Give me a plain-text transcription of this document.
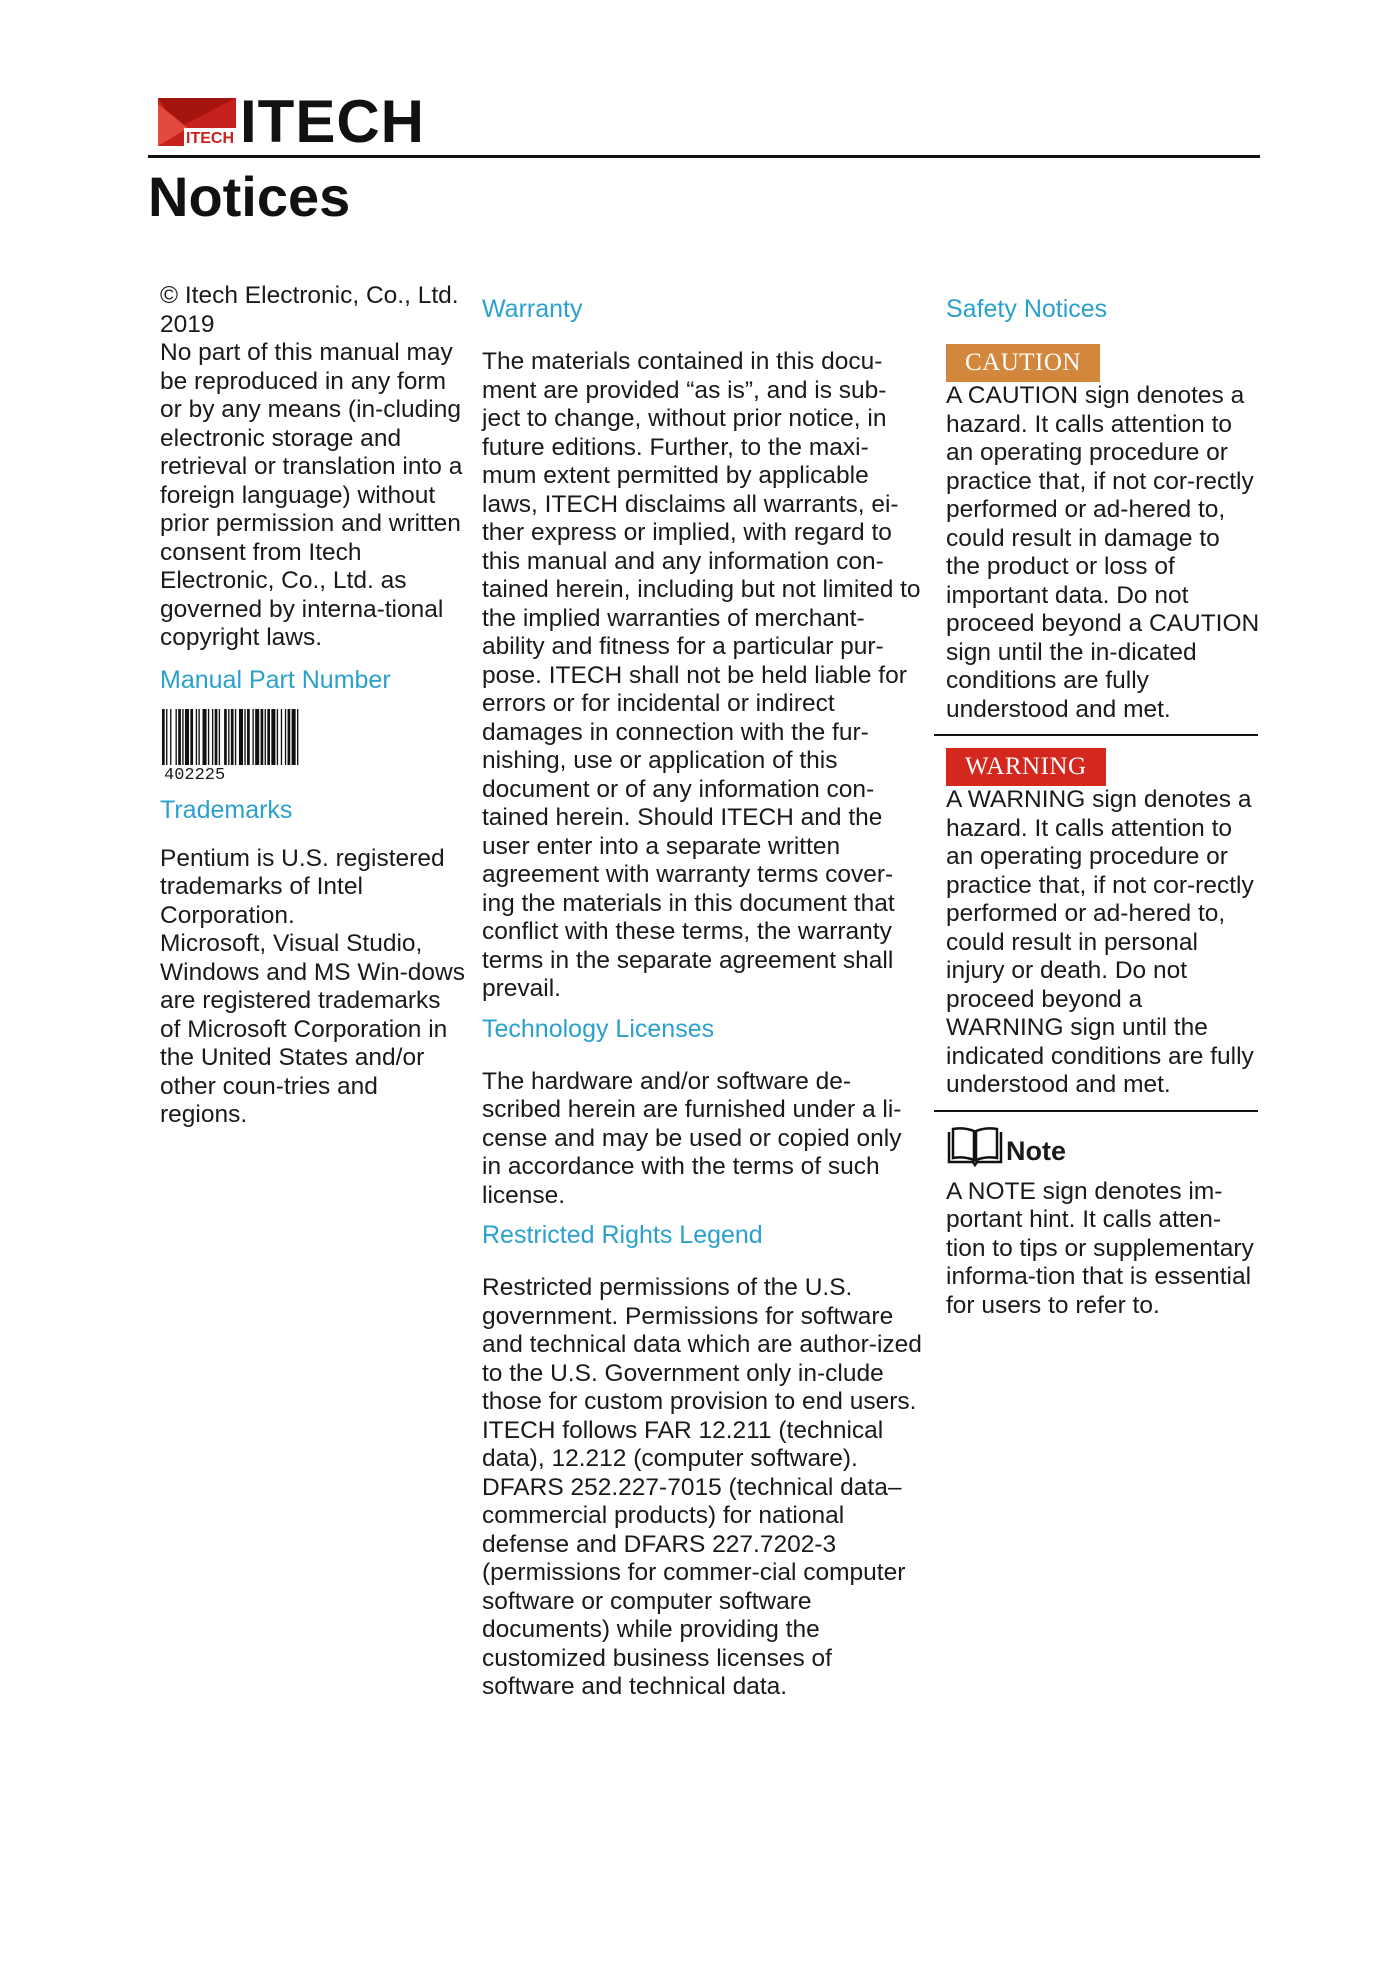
ITECH ITECH
Notices

© Itech Electronic, Co., Ltd. 2019
No part of this manual may be reproduced in any form or by any means (in-cluding electronic storage and retrieval or translation into a foreign language) without prior permission and written consent from Itech Electronic, Co., Ltd. as governed by interna-tional copyright laws.

Manual Part Number

402225

Trademarks

Pentium is U.S. registered trademarks of Intel Corporation.
Microsoft, Visual Studio, Windows and MS Win-dows are registered trademarks of Microsoft Corporation in the United States and/or other coun-tries and regions.

Warranty

The materials contained in this docu-ment are provided “as is”, and is sub-ject to change, without prior notice, in future editions. Further, to the maxi-mum extent permitted by applicable laws, ITECH disclaims all warrants, ei-ther express or implied, with regard to this manual and any information con-tained herein, including but not limited to the implied warranties of merchant-ability and fitness for a particular pur-pose. ITECH shall not be held liable for errors or for incidental or indirect damages in connection with the fur-nishing, use or application of this document or of any information con-tained herein. Should ITECH and the user enter into a separate written agreement with warranty terms cover-ing the materials in this document that conflict with these terms, the warranty terms in the separate agreement shall prevail.

Technology Licenses

The hardware and/or software de-scribed herein are furnished under a li-cense and may be used or copied only in accordance with the terms of such license.

Restricted Rights Legend

Restricted permissions of the U.S. government. Permissions for software and technical data which are author-ized to the U.S. Government only in-clude those for custom provision to end users. ITECH follows FAR 12.211 (technical data), 12.212 (computer software). DFARS 252.227-7015 (technical data–commercial products) for national defense and DFARS 227.7202-3 (permissions for commer-cial computer software or computer software documents) while providing the customized business licenses of software and technical data.

Safety Notices

CAUTION

A CAUTION sign denotes a hazard. It calls attention to an operating procedure or practice that, if not cor-rectly performed or ad-hered to, could result in damage to the product or loss of important data. Do not proceed beyond a CAUTION sign until the in-dicated conditions are fully understood and met.

WARNING

A WARNING sign denotes a hazard. It calls attention to an operating procedure or practice that, if not cor-rectly performed or ad-hered to, could result in personal injury or death. Do not proceed beyond a WARNING sign until the indicated conditions are fully understood and met.

Note

A NOTE sign denotes im-portant hint. It calls atten-tion to tips or supplementary informa-tion that is essential for users to refer to.
